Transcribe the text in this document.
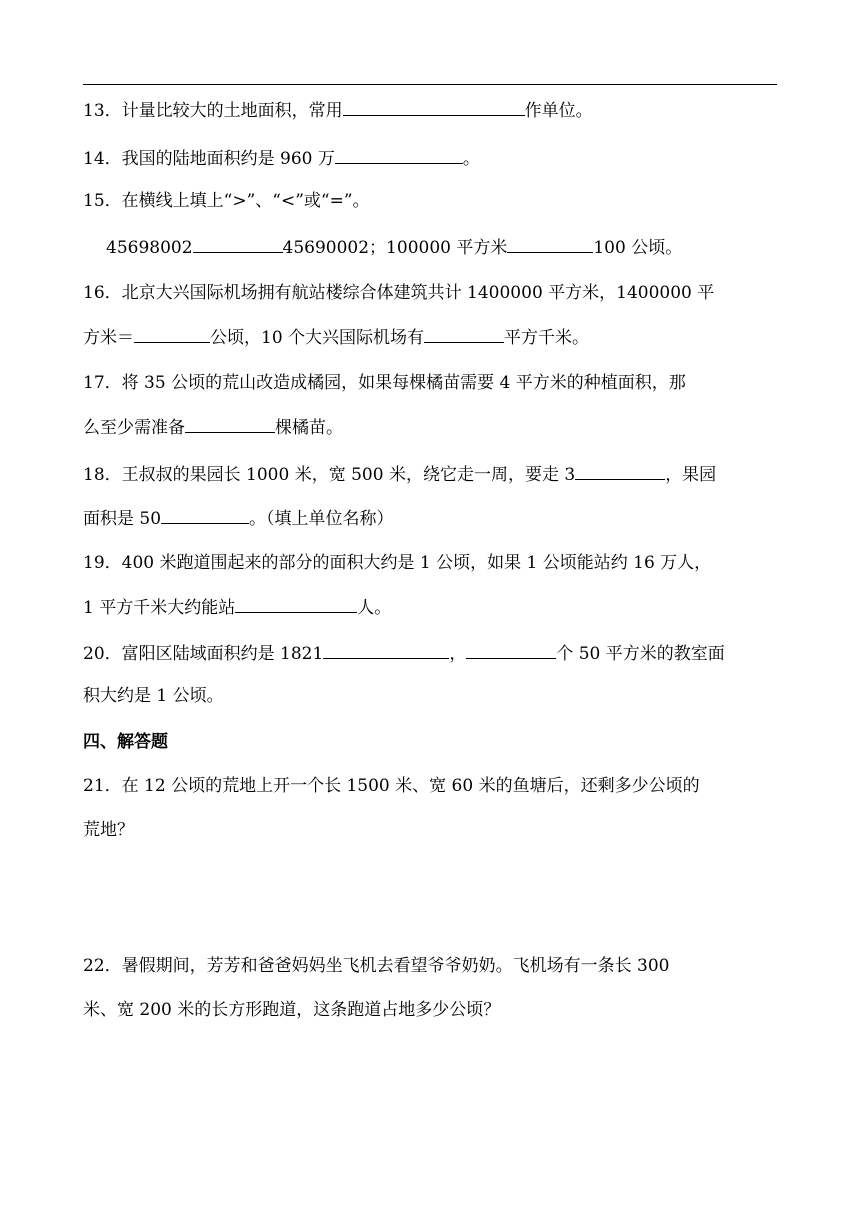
13．计量比较大的土地面积，常用	作单位。
14．我国的陆地面积约是 960 万	。
15．在横线上填上“>”、“<”或“=”。
45698002	45690002；100000 平方米	100 公顷。
16．北京大兴国际机场拥有航站楼综合体建筑共计 1400000 平方米，1400000 平
方米＝	公顷，10 个大兴国际机场有	平方千米。
17．将 35 公顷的荒山改造成橘园，如果每棵橘苗需要 4 平方米的种植面积，那
么至少需准备	棵橘苗。
18．王叔叔的果园长 1000 米，宽 500 米，绕它走一周，要走 3	，果园
面积是 50	。（填上单位名称）
19．400 米跑道围起来的部分的面积大约是 1 公顷，如果 1 公顷能站约 16 万人，
1 平方千米大约能站	人。
20．富阳区陆域面积约是 1821	，	个 50 平方米的教室面
积大约是 1 公顷。
四、解答题
21．在 12 公顷的荒地上开一个长 1500 米、宽 60 米的鱼塘后，还剩多少公顷的
荒地？
22．暑假期间，芳芳和爸爸妈妈坐飞机去看望爷爷奶奶。飞机场有一条长 300
米、宽 200 米的长方形跑道，这条跑道占地多少公顷？
